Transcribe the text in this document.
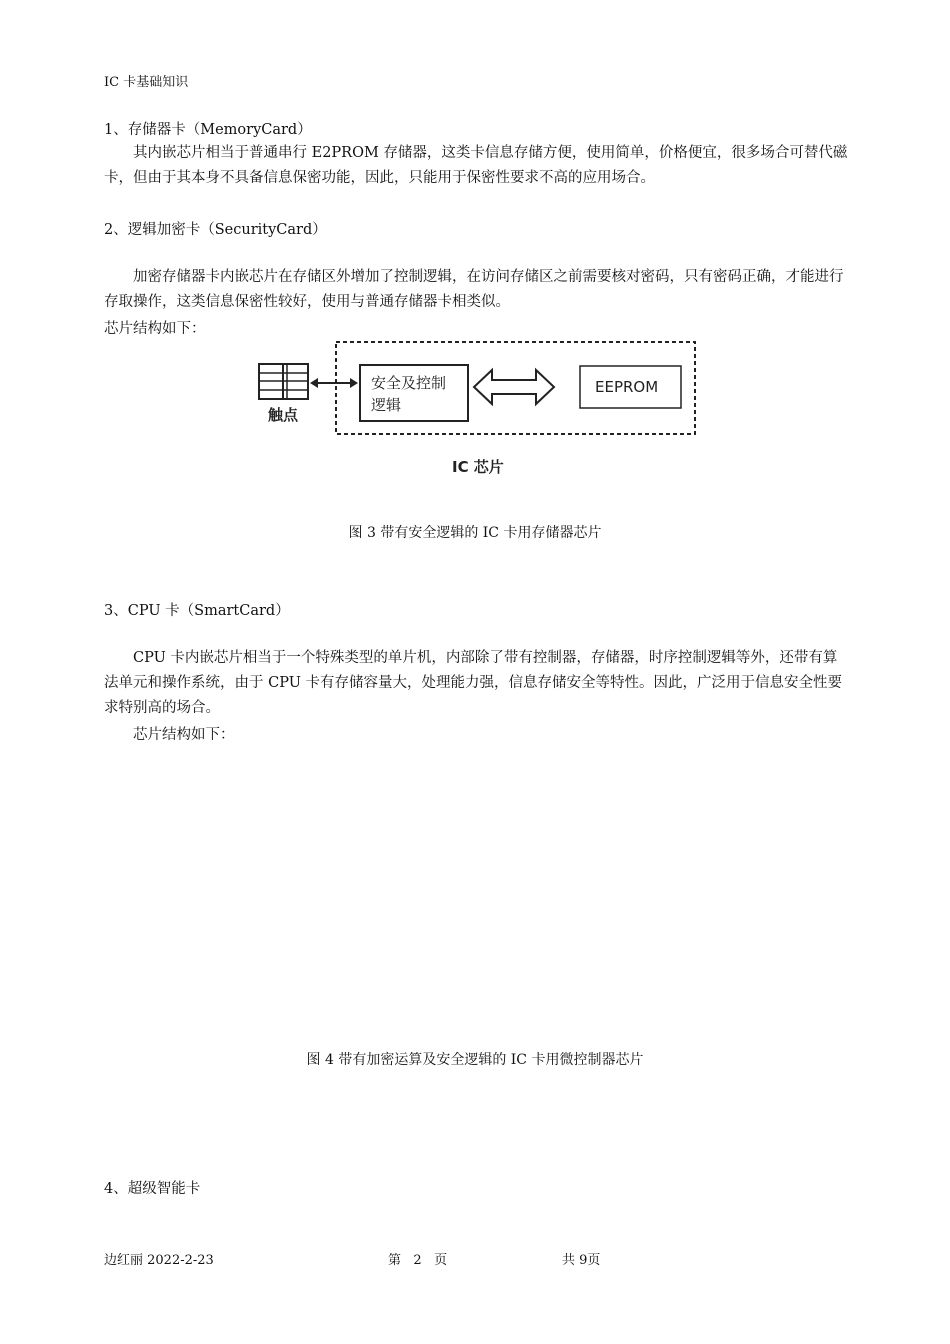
IC 卡基础知识
1、存储器卡（MemoryCard）
其内嵌芯片相当于普通串行 E2PROM 存储器，这类卡信息存储方便，使用简单，价格便宜，很多场合可替代磁卡，但由于其本身不具备信息保密功能，因此，只能用于保密性要求不高的应用场合。
2、逻辑加密卡（SecurityCard）
加密存储器卡内嵌芯片在存储区外增加了控制逻辑，在访问存储区之前需要核对密码，只有密码正确，才能进行存取操作，这类信息保密性较好，使用与普通存储器卡相类似。
芯片结构如下：
触点
安全及控制
逻辑
EEPROM
IC 芯片
图 3 带有安全逻辑的 IC 卡用存储器芯片
3、CPU 卡（SmartCard）
CPU 卡内嵌芯片相当于一个特殊类型的单片机，内部除了带有控制器，存储器，时序控制逻辑等外，还带有算法单元和操作系统，由于 CPU 卡有存储容量大，处理能力强，信息存储安全等特性。因此，广泛用于信息安全性要求特别高的场合。
芯片结构如下：
图 4 带有加密运算及安全逻辑的 IC 卡用微控制器芯片
4、超级智能卡
边红丽 2022-2-23	第   2   页	共 9页
